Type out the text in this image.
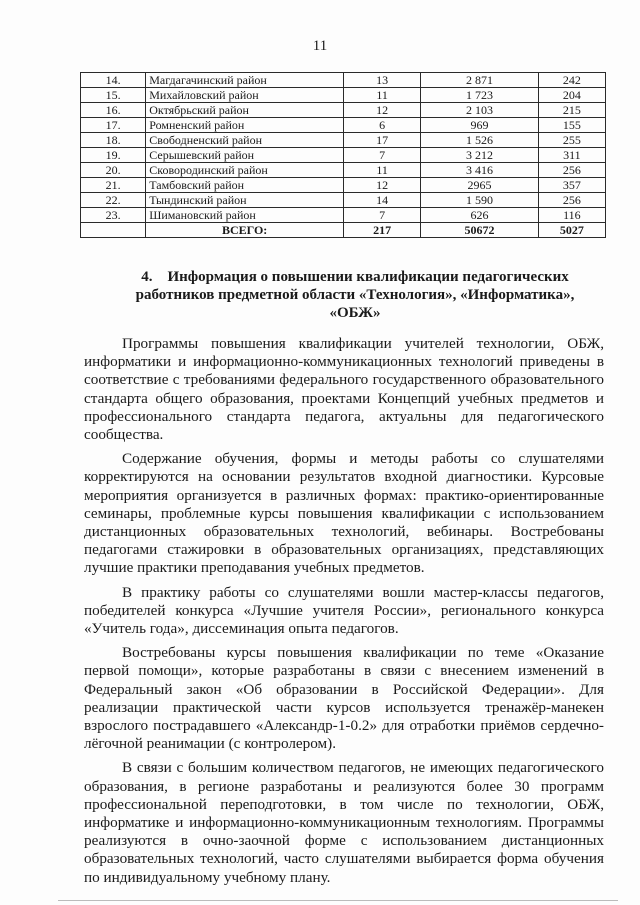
11
14.	Магдагачинский район	13	2 871	242
15.	Михайловский район	11	1 723	204
16.	Октябрьский район	12	2 103	215
17.	Ромненский район	6	969	155
18.	Свободненский район	17	1 526	255
19.	Серышевский район	7	3 212	311
20.	Сковородинский район	11	3 416	256
21.	Тамбовский район	12	2965	357
22.	Тындинский район	14	1 590	256
23.	Шимановский район	7	626	116
	ВСЕГО:	217	50672	5027
4. Информация о повышении квалификации педагогических работников предметной области «Технология», «Информатика», «ОБЖ»

Программы повышения квалификации учителей технологии, ОБЖ, информатики и информационно-коммуникационных технологий приведены в соответствие с требованиями федерального государственного образовательного стандарта общего образования, проектами Концепций учебных предметов и профессионального стандарта педагога, актуальны для педагогического сообщества.

Содержание обучения, формы и методы работы со слушателями корректируются на основании результатов входной диагностики. Курсовые мероприятия организуется в различных формах: практико-ориентированные семинары, проблемные курсы повышения квалификации с использованием дистанционных образовательных технологий, вебинары. Востребованы педагогами стажировки в образовательных организациях, представляющих лучшие практики преподавания учебных предметов.

В практику работы со слушателями вошли мастер-классы педагогов, победителей конкурса «Лучшие учителя России», регионального конкурса «Учитель года», диссеминация опыта педагогов.

Востребованы курсы повышения квалификации по теме «Оказание первой помощи», которые разработаны в связи с внесением изменений в Федеральный закон «Об образовании в Российской Федерации». Для реализации практической части курсов используется тренажёр-манекен взрослого пострадавшего «Александр-1-0.2» для отработки приёмов сердечно-лёгочной реанимации (с контролером).

В связи с большим количеством педагогов, не имеющих педагогического образования, в регионе разработаны и реализуются более 30 программ профессиональной переподготовки, в том числе по технологии, ОБЖ, информатике и информационно-коммуникационным технологиям. Программы реализуются в очно-заочной форме с использованием дистанционных образовательных технологий, часто слушателями выбирается форма обучения по индивидуальному учебному плану.
